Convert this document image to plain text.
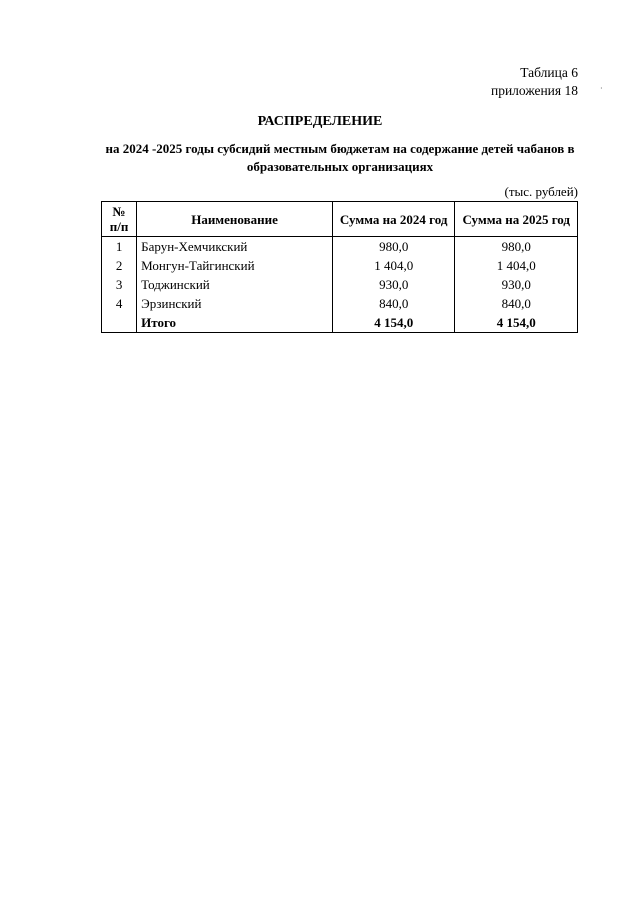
Таблица 6
приложения 18	·
РАСПРЕДЕЛЕНИЕ
на 2024 -2025 годы субсидий местным бюджетам на содержание детей чабанов в
образовательных организациях
(тыс. рублей)
№
п/п	Наименование	Сумма на 2024 год	Сумма на 2025 год
1	Барун-Хемчикский	980,0	980,0
2	Монгун-Тайгинский	1 404,0	1 404,0
3	Тоджинский	930,0	930,0
4	Эрзинский	840,0	840,0
	Итого	4 154,0	4 154,0
